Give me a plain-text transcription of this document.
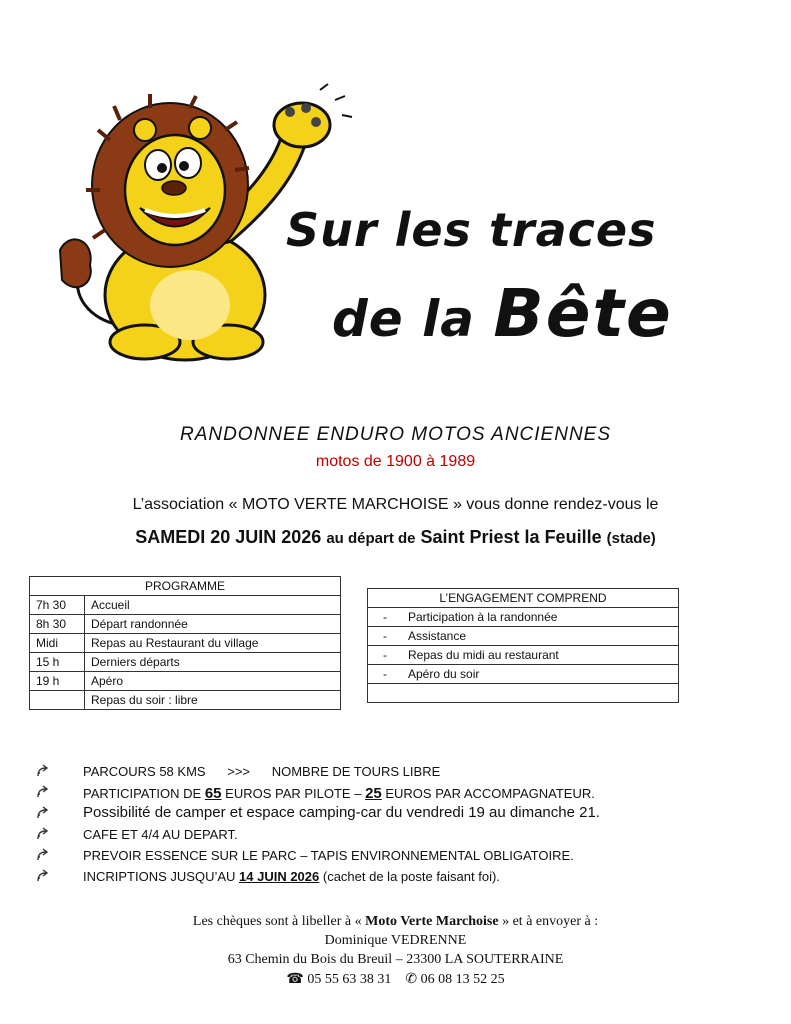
Sur les traces
de la Bête
RANDONNEE ENDURO MOTOS ANCIENNES
motos de 1900 à 1989
L’association « MOTO VERTE MARCHOISE » vous donne rendez-vous le
SAMEDI 20 JUIN 2026 au départ de Saint Priest la Feuille (stade)
PROGRAMME	
7h 30	Accueil
8h 30	Départ randonnée
Midi	Repas au Restaurant du village
15 h	Derniers départs
19 h	Apéro
	Repas du soir : libre
L’ENGAGEMENT COMPREND	
-	Participation à la randonnée
-	Assistance
-	Repas du midi au restaurant
-	Apéro du soir

PARCOURS 58 KMS >>> NOMBRE DE TOURS LIBRE
PARTICIPATION DE 65 EUROS PAR PILOTE – 25 EUROS PAR ACCOMPAGNATEUR.
Possibilité de camper et espace camping-car du vendredi 19 au dimanche 21.
CAFE ET 4/4 AU DEPART.
PREVOIR ESSENCE SUR LE PARC – TAPIS ENVIRONNEMENTAL OBLIGATOIRE.
INCRIPTIONS JUSQU’AU 14 JUIN 2026 (cachet de la poste faisant foi).
Les chèques sont à libeller à « Moto Verte Marchoise » et à envoyer à :
Dominique VEDRENNE
63 Chemin du Bois du Breuil – 23300 LA SOUTERRAINE
☎ 05 55 63 38 31 ✆ 06 08 13 52 25
